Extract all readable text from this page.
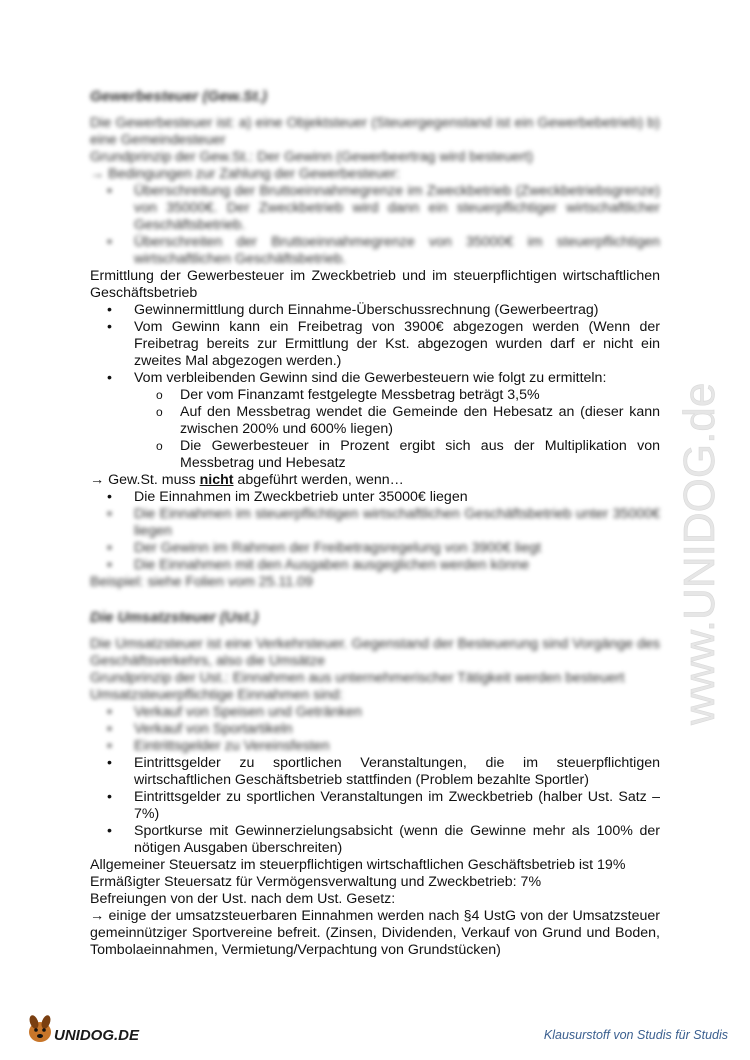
Gewerbesteuer (Gew.St.)

Die Gewerbesteuer ist: a) eine Objektsteuer (Steuergegenstand ist ein Gewerbebetrieb) b) eine Gemeindesteuer

Grundprinzip der Gew.St.: Der Gewinn (Gewerbeertrag wird besteuert)

→ Bedingungen zur Zahlung der Gewerbesteuer:

• Überschreitung der Bruttoeinnahmegrenze im Zweckbetrieb (Zweckbetriebsgrenze) von 35000€. Der Zweckbetrieb wird dann ein steuerpflichtiger wirtschaftlicher Geschäftsbetrieb.
• Überschreiten der Bruttoeinnahmegrenze von 35000€ im steuerpflichtigen wirtschaftlichen Geschäftsbetrieb.

Ermittlung der Gewerbesteuer im Zweckbetrieb und im steuerpflichtigen wirtschaftlichen Geschäftsbetrieb

• Gewinnermittlung durch Einnahme-Überschussrechnung (Gewerbeertrag)
• Vom Gewinn kann ein Freibetrag von 3900€ abgezogen werden (Wenn der Freibetrag bereits zur Ermittlung der Kst. abgezogen wurden darf er nicht ein zweites Mal abgezogen werden.)
• Vom verbleibenden Gewinn sind die Gewerbesteuern wie folgt zu ermitteln:
o Der vom Finanzamt festgelegte Messbetrag beträgt 3,5%
o Auf den Messbetrag wendet die Gemeinde den Hebesatz an (dieser kann zwischen 200% und 600% liegen)
o Die Gewerbesteuer in Prozent ergibt sich aus der Multiplikation von Messbetrag und Hebesatz

→ Gew.St. muss nicht abgeführt werden, wenn…

• Die Einnahmen im Zweckbetrieb unter 35000€ liegen
• Die Einnahmen im steuerpflichtigen wirtschaftlichen Geschäftsbetrieb unter 35000€ liegen
• Der Gewinn im Rahmen der Freibetragsregelung von 3900€ liegt
• Die Einnahmen mit den Ausgaben ausgeglichen werden könne

Beispiel: siehe Folien vom 25.11.09

Die Umsatzsteuer (Ust.)

Die Umsatzsteuer ist eine Verkehrsteuer. Gegenstand der Besteuerung sind Vorgänge des Geschäftsverkehrs, also die Umsätze

Grundprinzip der Ust.: Einnahmen aus unternehmerischer Tätigkeit werden besteuert

Umsatzsteuerpflichtige Einnahmen sind:

• Verkauf von Speisen und Getränken
• Verkauf von Sportartikeln
• Eintrittsgelder zu Vereinsfesten
• Eintrittsgelder zu sportlichen Veranstaltungen, die im steuerpflichtigen wirtschaftlichen Geschäftsbetrieb stattfinden (Problem bezahlte Sportler)
• Eintrittsgelder zu sportlichen Veranstaltungen im Zweckbetrieb (halber Ust. Satz – 7%)
• Sportkurse mit Gewinnerzielungsabsicht (wenn die Gewinne mehr als 100% der nötigen Ausgaben überschreiten)

Allgemeiner Steuersatz im steuerpflichtigen wirtschaftlichen Geschäftsbetrieb ist 19%

Ermäßigter Steuersatz für Vermögensverwaltung und Zweckbetrieb: 7%

Befreiungen von der Ust. nach dem Ust. Gesetz:

→ einige der umsatzsteuerbaren Einnahmen werden nach §4 UstG von der Umsatzsteuer gemeinnütziger Sportvereine befreit. (Zinsen, Dividenden, Verkauf von Grund und Boden, Tombolaeinnahmen, Vermietung/Verpachtung von Grundstücken)

www.UNIDOG.de
UNIDOG.DE	Klausurstoff von Studis für Studis
